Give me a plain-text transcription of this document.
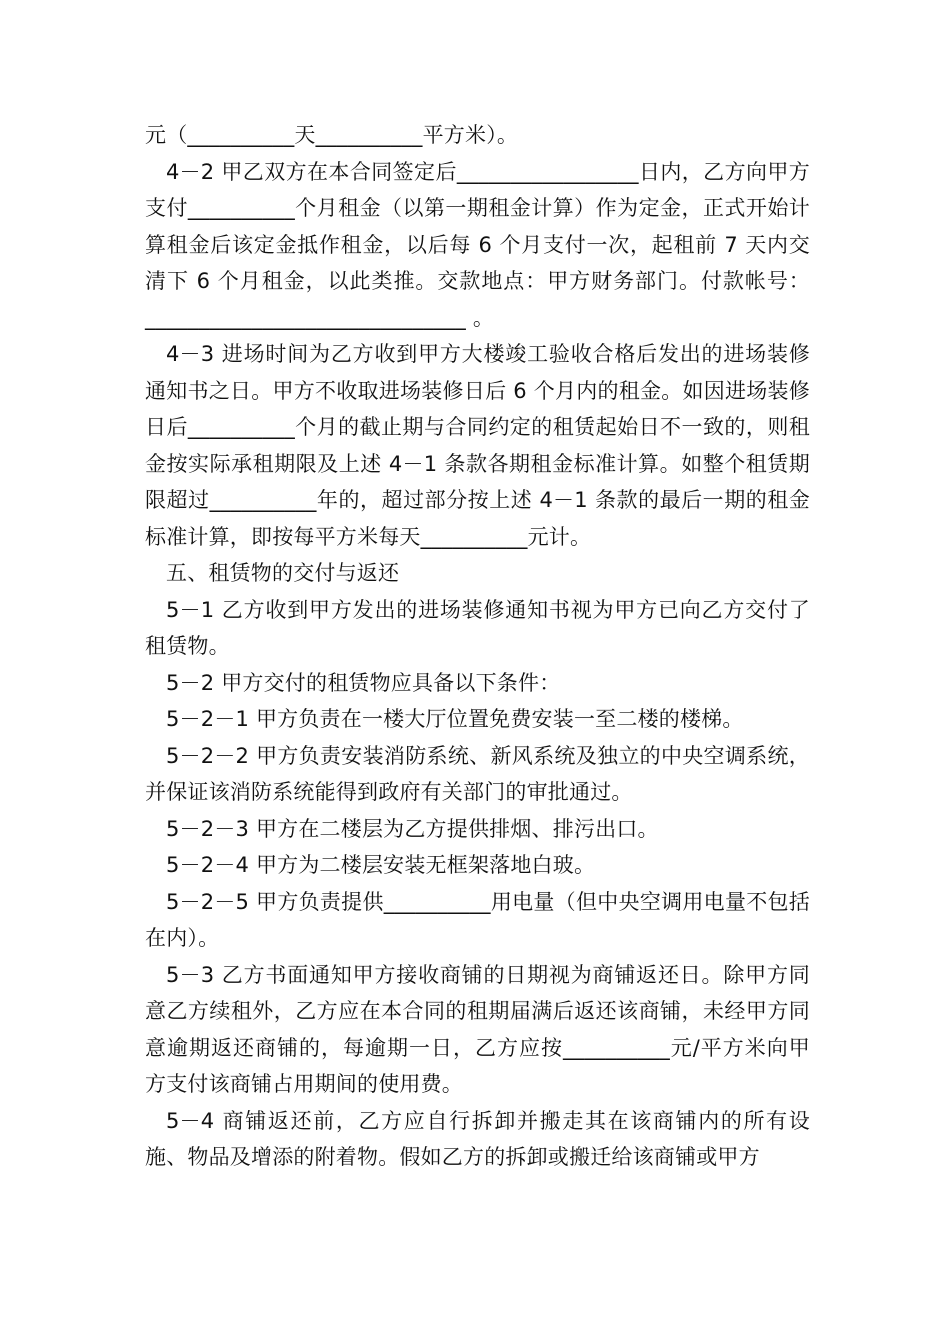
元（__________天__________平方米）。

4－2 甲乙双方在本合同签定后_________________日内，乙方向甲方支付__________个月租金（以第一期租金计算）作为定金，正式开始计算租金后该定金抵作租金，以后每 6 个月支付一次，起租前 7 天内交清下 6 个月租金，以此类推。交款地点：甲方财务部门。付款帐号：______________________________ 。

4－3 进场时间为乙方收到甲方大楼竣工验收合格后发出的进场装修通知书之日。甲方不收取进场装修日后 6 个月内的租金。如因进场装修日后__________个月的截止期与合同约定的租赁起始日不一致的，则租金按实际承租期限及上述 4－1 条款各期租金标准计算。如整个租赁期限超过__________年的，超过部分按上述 4－1 条款的最后一期的租金标准计算，即按每平方米每天__________元计。

五、租赁物的交付与返还

5－1 乙方收到甲方发出的进场装修通知书视为甲方已向乙方交付了租赁物。

5－2 甲方交付的租赁物应具备以下条件：

5－2－1 甲方负责在一楼大厅位置免费安装一至二楼的楼梯。

5－2－2 甲方负责安装消防系统、新风系统及独立的中央空调系统，并保证该消防系统能得到政府有关部门的审批通过。

5－2－3 甲方在二楼层为乙方提供排烟、排污出口。

5－2－4 甲方为二楼层安装无框架落地白玻。

5－2－5 甲方负责提供__________用电量（但中央空调用电量不包括在内）。

5－3 乙方书面通知甲方接收商铺的日期视为商铺返还日。除甲方同意乙方续租外，乙方应在本合同的租期届满后返还该商铺，未经甲方同意逾期返还商铺的，每逾期一日，乙方应按__________元/平方米向甲方支付该商铺占用期间的使用费。

5－4 商铺返还前，乙方应自行拆卸并搬走其在该商铺内的所有设施、物品及增添的附着物。假如乙方的拆卸或搬迁给该商铺或甲方
